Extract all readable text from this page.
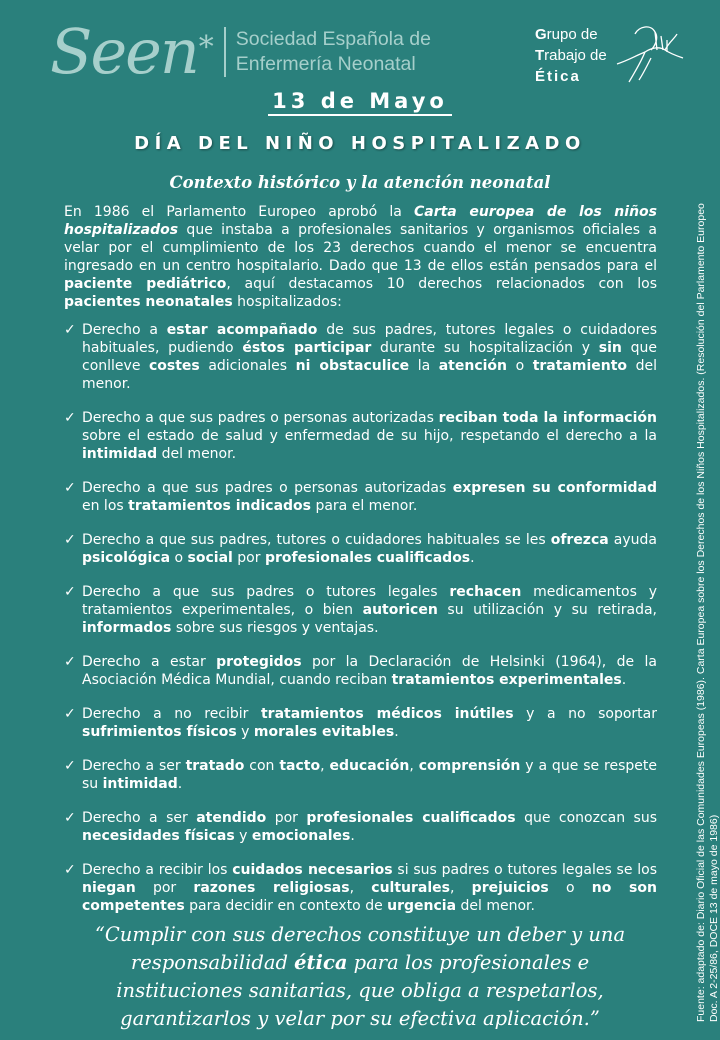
Seen * Sociedad Española de
Enfermería Neonatal
Grupo de
Trabajo de
Ética
13 de Mayo
DÍA DEL NIÑO HOSPITALIZADO
Contexto histórico y la atención neonatal
En 1986 el Parlamento Europeo aprobó la Carta europea de los niños hospitalizados que instaba a profesionales sanitarios y organismos oficiales a velar por el cumplimiento de los 23 derechos cuando el menor se encuentra ingresado en un centro hospitalario. Dado que 13 de ellos están pensados para el paciente pediátrico, aquí destacamos 10 derechos relacionados con los pacientes neonatales hospitalizados:
✓ Derecho a estar acompañado de sus padres, tutores legales o cuidadores habituales, pudiendo éstos participar durante su hospitalización y sin que conlleve costes adicionales ni obstaculice la atención o tratamiento del menor.
✓ Derecho a que sus padres o personas autorizadas reciban toda la información sobre el estado de salud y enfermedad de su hijo, respetando el derecho a la intimidad del menor.
✓ Derecho a que sus padres o personas autorizadas expresen su conformidad en los tratamientos indicados para el menor.
✓ Derecho a que sus padres, tutores o cuidadores habituales se les ofrezca ayuda psicológica o social por profesionales cualificados.
✓ Derecho a que sus padres o tutores legales rechacen medicamentos y tratamientos experimentales, o bien autoricen su utilización y su retirada, informados sobre sus riesgos y ventajas.
✓ Derecho a estar protegidos por la Declaración de Helsinki (1964), de la Asociación Médica Mundial, cuando reciban tratamientos experimentales.
✓ Derecho a no recibir tratamientos médicos inútiles y a no soportar sufrimientos físicos y morales evitables.
✓ Derecho a ser tratado con tacto, educación, comprensión y a que se respete su intimidad.
✓ Derecho a ser atendido por profesionales cualificados que conozcan sus necesidades físicas y emocionales.
✓ Derecho a recibir los cuidados necesarios si sus padres o tutores legales se los niegan por razones religiosas, culturales, prejuicios o no son competentes para decidir en contexto de urgencia del menor.
“Cumplir con sus derechos constituye un deber y una responsabilidad ética para los profesionales e instituciones sanitarias, que obliga a respetarlos, garantizarlos y velar por su efectiva aplicación.”	Fuente: adaptado de: Diario Oficial de las Comunidades Europeas (1986). Carta Europea sobre los Derechos de los Niños Hospitalizados. (Resolución del Parlamento Europeo Doc. A 2-25/86, DOCE 13 de mayo de 1986)
